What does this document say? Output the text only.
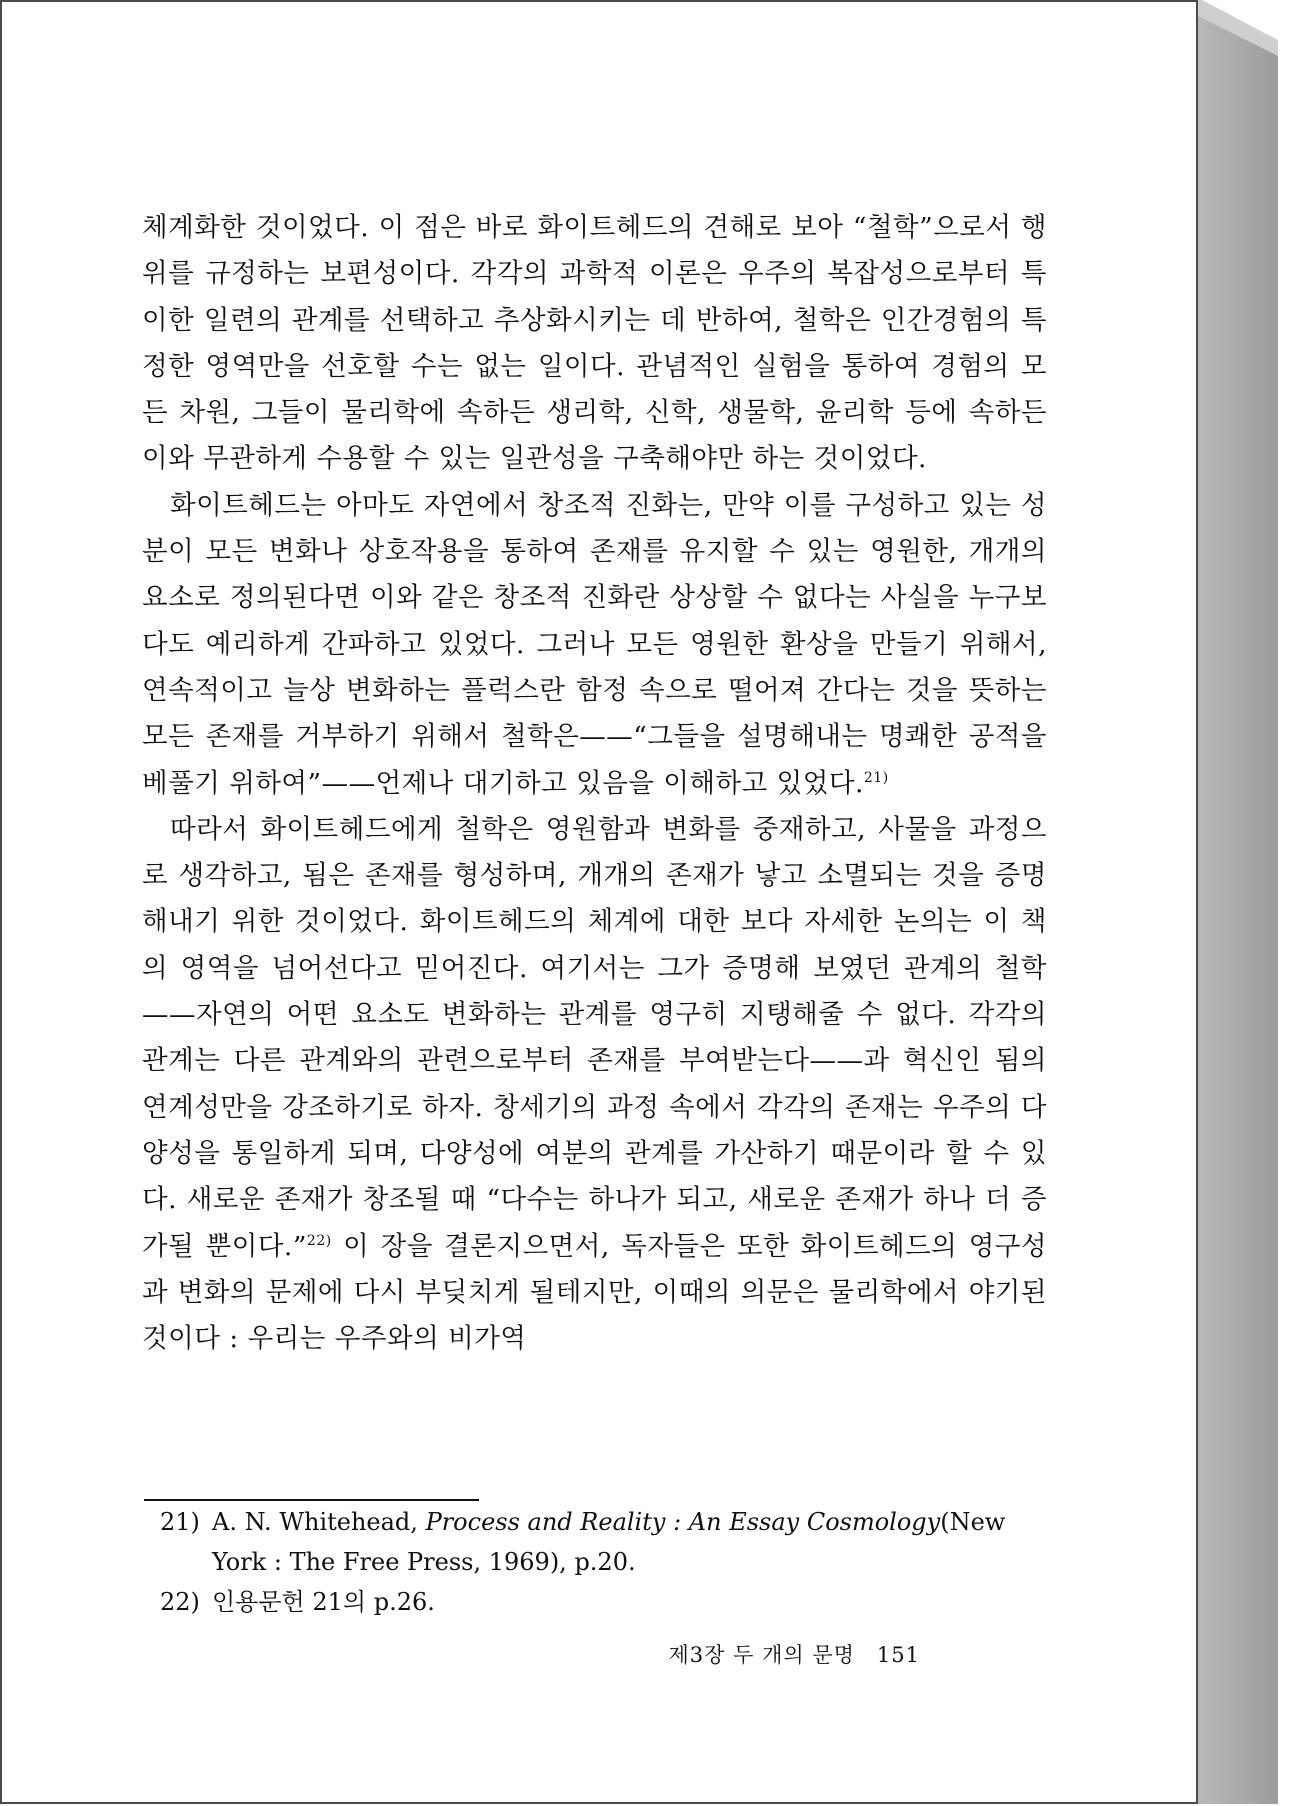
체계화한 것이었다. 이 점은 바로 화이트헤드의 견해로 보아 “철학”으로서 행위를 규정하는 보편성이다. 각각의 과학적 이론은 우주의 복잡성으로부터 특이한 일련의 관계를 선택하고 추상화시키는 데 반하여, 철학은 인간경험의 특정한 영역만을 선호할 수는 없는 일이다. 관념적인 실험을 통하여 경험의 모든 차원, 그들이 물리학에 속하든 생리학, 신학, 생물학, 윤리학 등에 속하든 이와 무관하게 수용할 수 있는 일관성을 구축해야만 하는 것이었다.

화이트헤드는 아마도 자연에서 창조적 진화는, 만약 이를 구성하고 있는 성분이 모든 변화나 상호작용을 통하여 존재를 유지할 수 있는 영원한, 개개의 요소로 정의된다면 이와 같은 창조적 진화란 상상할 수 없다는 사실을 누구보다도 예리하게 간파하고 있었다. 그러나 모든 영원한 환상을 만들기 위해서, 연속적이고 늘상 변화하는 플럭스란 함정 속으로 떨어져 간다는 것을 뜻하는 모든 존재를 거부하기 위해서 철학은——“그들을 설명해내는 명쾌한 공적을 베풀기 위하여”——언제나 대기하고 있음을 이해하고 있었다.$^{21)}$

따라서 화이트헤드에게 철학은 영원함과 변화를 중재하고, 사물을 과정으로 생각하고, 됨은 존재를 형성하며, 개개의 존재가 낳고 소멸되는 것을 증명해내기 위한 것이었다. 화이트헤드의 체계에 대한 보다 자세한 논의는 이 책의 영역을 넘어선다고 믿어진다. 여기서는 그가 증명해 보였던 관계의 철학——자연의 어떤 요소도 변화하는 관계를 영구히 지탱해줄 수 없다. 각각의 관계는 다른 관계와의 관련으로부터 존재를 부여받는다——과 혁신인 됨의 연계성만을 강조하기로 하자. 창세기의 과정 속에서 각각의 존재는 우주의 다양성을 통일하게 되며, 다양성에 여분의 관계를 가산하기 때문이라 할 수 있다. 새로운 존재가 창조될 때 “다수는 하나가 되고, 새로운 존재가 하나 더 증가될 뿐이다.”$^{22)}$ 이 장을 결론지으면서, 독자들은 또한 화이트헤드의 영구성과 변화의 문제에 다시 부딪치게 될테지만, 이때의 의문은 물리학에서 야기된 것이다 : 우리는 우주와의 비가역

21) A. N. Whitehead, Process and Reality : An Essay Cosmology(New York : The Free Press, 1969), p.20.

22) 인용문헌 21의 p.26.

제3장 두 개의 문명 151
